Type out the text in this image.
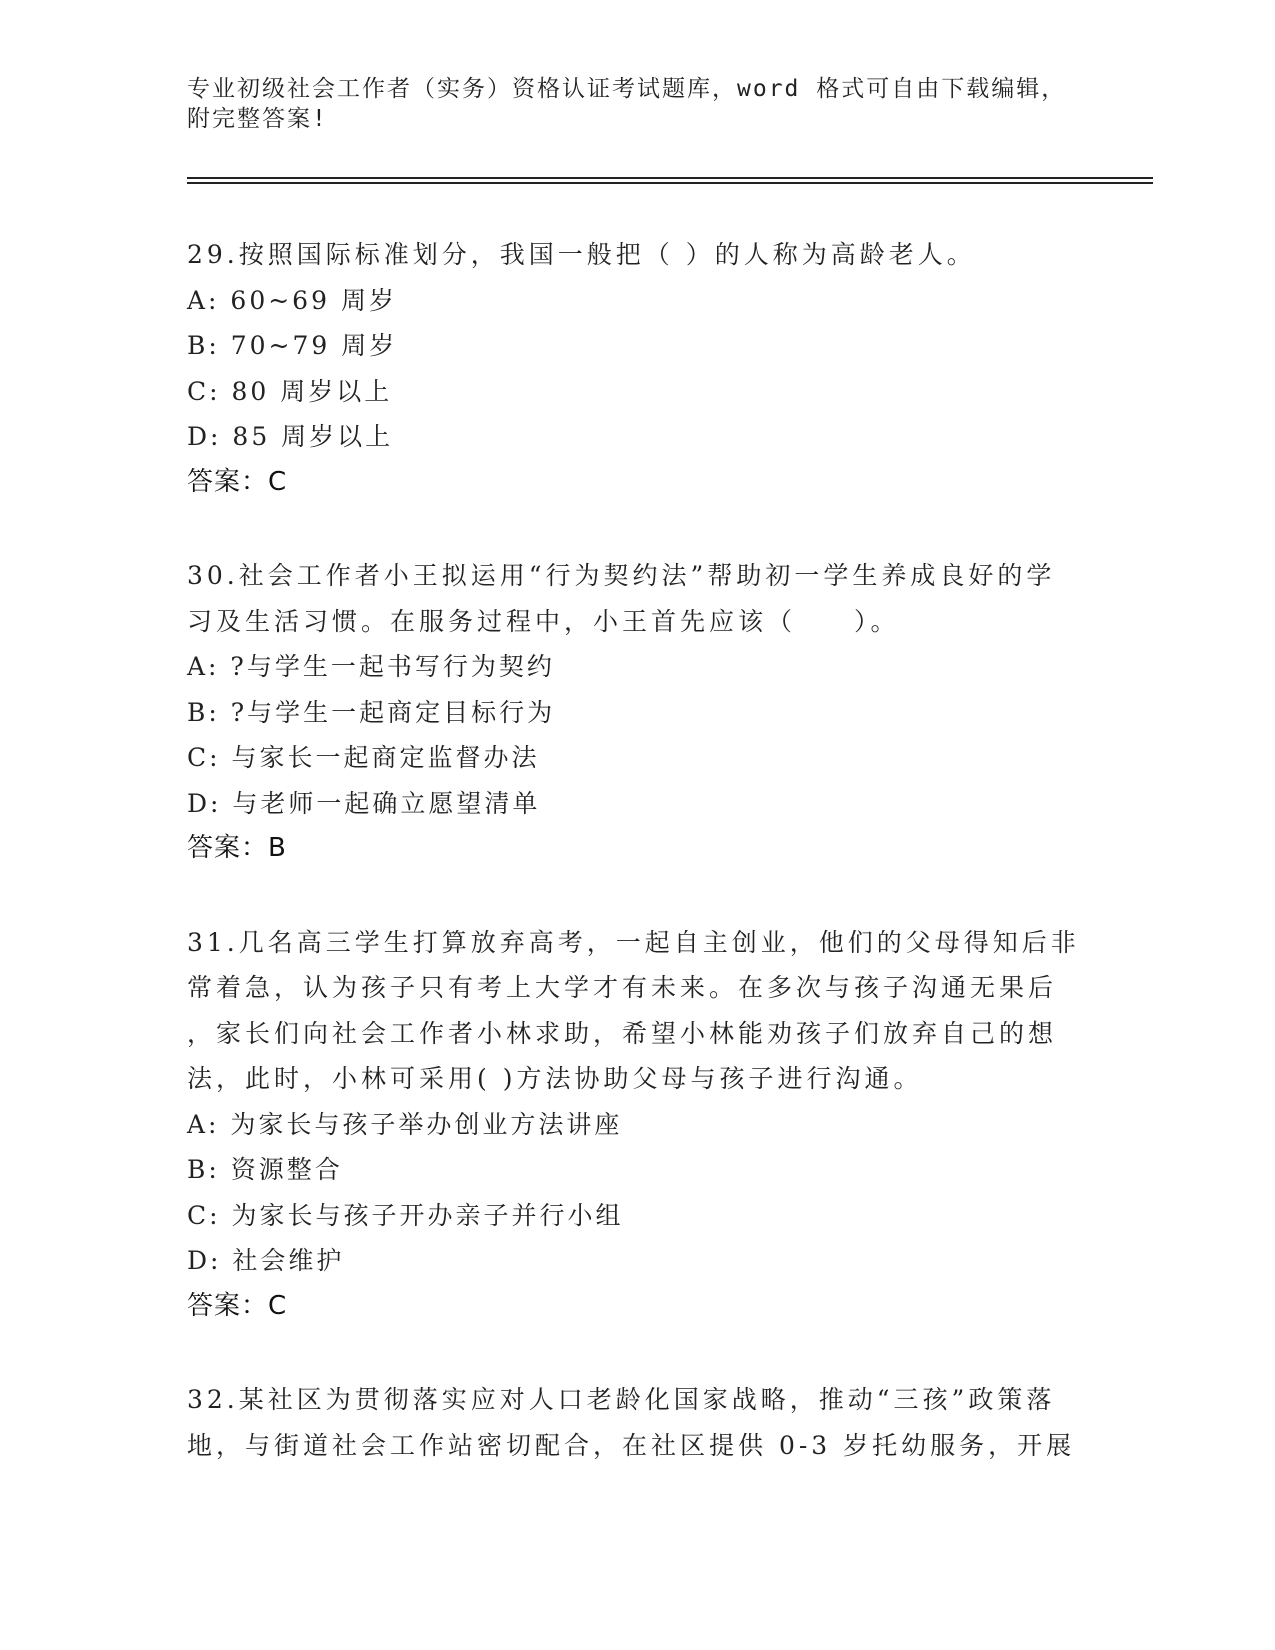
专业初级社会工作者（实务）资格认证考试题库，word 格式可自由下载编辑，附完整答案!

29.按照国际标准划分，我国一般把（ ）的人称为高龄老人。

A: 60~69 周岁

B: 70~79 周岁

C: 80 周岁以上

D: 85 周岁以上

答案：C

30.社会工作者小王拟运用“行为契约法”帮助初一学生养成良好的学

习及生活习惯。在服务过程中，小王首先应该（　　）。

A: ?与学生一起书写行为契约

B: ?与学生一起商定目标行为

C: 与家长一起商定监督办法

D: 与老师一起确立愿望清单

答案：B

31.几名高三学生打算放弃高考，一起自主创业，他们的父母得知后非

常着急，认为孩子只有考上大学才有未来。在多次与孩子沟通无果后

，家长们向社会工作者小林求助，希望小林能劝孩子们放弃自己的想

法，此时，小林可采用( )方法协助父母与孩子进行沟通。

A: 为家长与孩子举办创业方法讲座

B: 资源整合

C: 为家长与孩子开办亲子并行小组

D: 社会维护

答案：C

32.某社区为贯彻落实应对人口老龄化国家战略，推动“三孩”政策落

地，与街道社会工作站密切配合，在社区提供 0-3 岁托幼服务，开展
